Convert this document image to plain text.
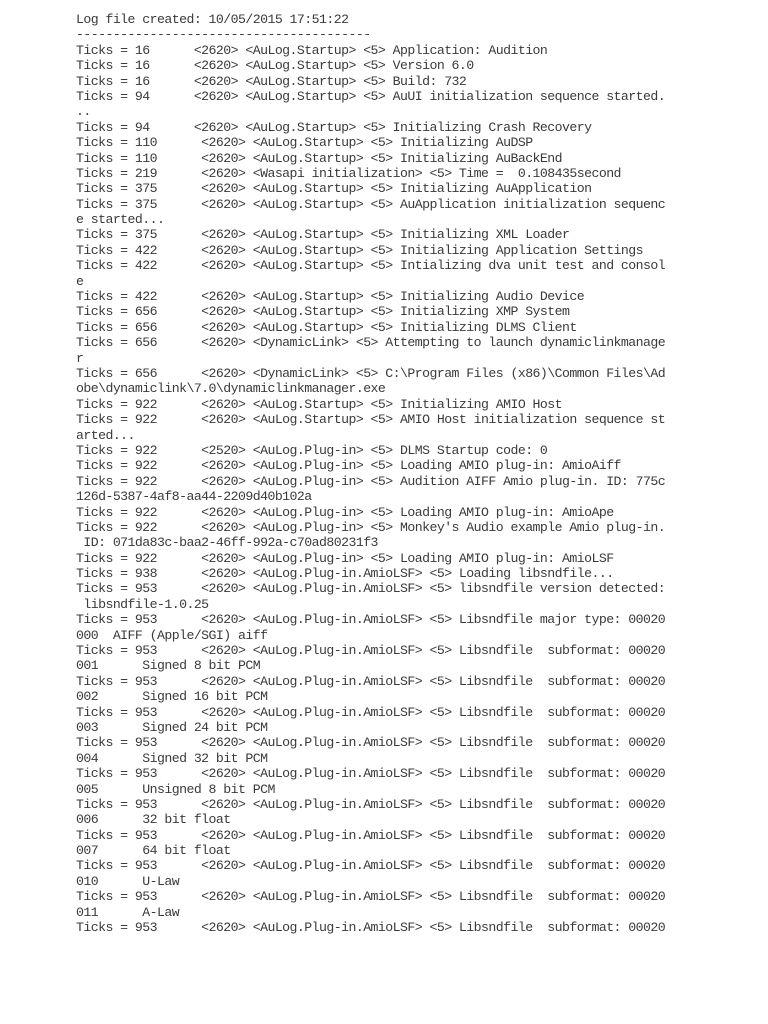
Log file created: 10/05/2015 17:51:22
----------------------------------------
Ticks = 16      <2620> <AuLog.Startup> <5> Application: Audition
Ticks = 16      <2620> <AuLog.Startup> <5> Version 6.0
Ticks = 16      <2620> <AuLog.Startup> <5> Build: 732
Ticks = 94      <2620> <AuLog.Startup> <5> AuUI initialization sequence started.
..
Ticks = 94      <2620> <AuLog.Startup> <5> Initializing Crash Recovery
Ticks = 110      <2620> <AuLog.Startup> <5> Initializing AuDSP
Ticks = 110      <2620> <AuLog.Startup> <5> Initializing AuBackEnd
Ticks = 219      <2620> <Wasapi initialization> <5> Time =  0.108435second
Ticks = 375      <2620> <AuLog.Startup> <5> Initializing AuApplication
Ticks = 375      <2620> <AuLog.Startup> <5> AuApplication initialization sequenc
e started...
Ticks = 375      <2620> <AuLog.Startup> <5> Initializing XML Loader
Ticks = 422      <2620> <AuLog.Startup> <5> Initializing Application Settings
Ticks = 422      <2620> <AuLog.Startup> <5> Intializing dva unit test and consol
e
Ticks = 422      <2620> <AuLog.Startup> <5> Initializing Audio Device
Ticks = 656      <2620> <AuLog.Startup> <5> Initializing XMP System
Ticks = 656      <2620> <AuLog.Startup> <5> Initializing DLMS Client
Ticks = 656      <2620> <DynamicLink> <5> Attempting to launch dynamiclinkmanage
r
Ticks = 656      <2620> <DynamicLink> <5> C:\Program Files (x86)\Common Files\Ad
obe\dynamiclink\7.0\dynamiclinkmanager.exe
Ticks = 922      <2620> <AuLog.Startup> <5> Initializing AMIO Host
Ticks = 922      <2620> <AuLog.Startup> <5> AMIO Host initialization sequence st
arted...
Ticks = 922      <2520> <AuLog.Plug-in> <5> DLMS Startup code: 0
Ticks = 922      <2620> <AuLog.Plug-in> <5> Loading AMIO plug-in: AmioAiff
Ticks = 922      <2620> <AuLog.Plug-in> <5> Audition AIFF Amio plug-in. ID: 775c
126d-5387-4af8-aa44-2209d40b102a
Ticks = 922      <2620> <AuLog.Plug-in> <5> Loading AMIO plug-in: AmioApe
Ticks = 922      <2620> <AuLog.Plug-in> <5> Monkey's Audio example Amio plug-in.
ID: 071da83c-baa2-46ff-992a-c70ad80231f3
Ticks = 922      <2620> <AuLog.Plug-in> <5> Loading AMIO plug-in: AmioLSF
Ticks = 938      <2620> <AuLog.Plug-in.AmioLSF> <5> Loading libsndfile...
Ticks = 953      <2620> <AuLog.Plug-in.AmioLSF> <5> libsndfile version detected:
libsndfile-1.0.25
Ticks = 953      <2620> <AuLog.Plug-in.AmioLSF> <5> Libsndfile major type: 00020
000  AIFF (Apple/SGI) aiff
Ticks = 953      <2620> <AuLog.Plug-in.AmioLSF> <5> Libsndfile  subformat: 00020
001      Signed 8 bit PCM
Ticks = 953      <2620> <AuLog.Plug-in.AmioLSF> <5> Libsndfile  subformat: 00020
002      Signed 16 bit PCM
Ticks = 953      <2620> <AuLog.Plug-in.AmioLSF> <5> Libsndfile  subformat: 00020
003      Signed 24 bit PCM
Ticks = 953      <2620> <AuLog.Plug-in.AmioLSF> <5> Libsndfile  subformat: 00020
004      Signed 32 bit PCM
Ticks = 953      <2620> <AuLog.Plug-in.AmioLSF> <5> Libsndfile  subformat: 00020
005      Unsigned 8 bit PCM
Ticks = 953      <2620> <AuLog.Plug-in.AmioLSF> <5> Libsndfile  subformat: 00020
006      32 bit float
Ticks = 953      <2620> <AuLog.Plug-in.AmioLSF> <5> Libsndfile  subformat: 00020
007      64 bit float
Ticks = 953      <2620> <AuLog.Plug-in.AmioLSF> <5> Libsndfile  subformat: 00020
010      U-Law
Ticks = 953      <2620> <AuLog.Plug-in.AmioLSF> <5> Libsndfile  subformat: 00020
011      A-Law
Ticks = 953      <2620> <AuLog.Plug-in.AmioLSF> <5> Libsndfile  subformat: 00020
